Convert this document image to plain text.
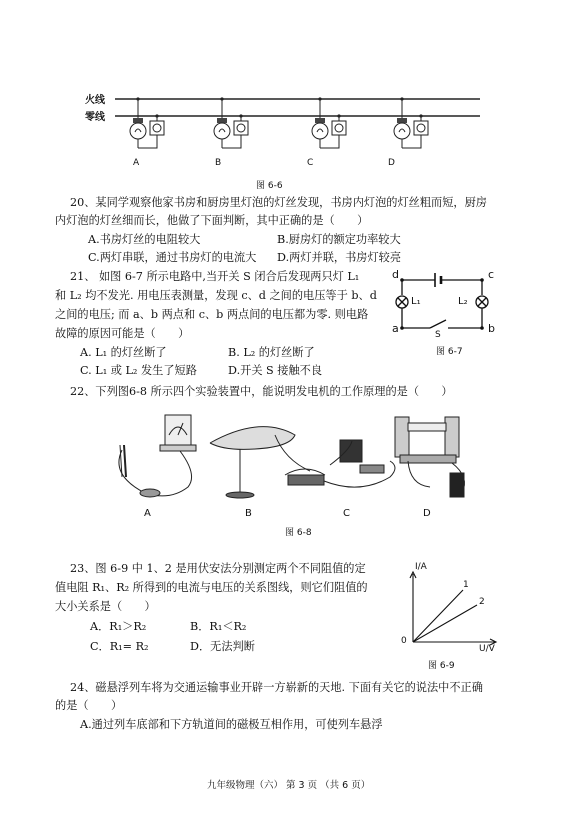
火线
零线
A	B	C	D
图 6-6
20、某同学观察他家书房和厨房里灯泡的灯丝发现，书房内灯泡的灯丝粗而短，厨房
内灯泡的灯丝细而长，他做了下面判断，其中正确的是（　　）
A.书房灯丝的电阻较大	B.厨房灯的额定功率较大
C.两灯串联，通过书房灯的电流大 D.两灯并联，书房灯较亮
21、 如图 6-7 所示电路中,当开关 S 闭合后发现两只灯 L₁
和 L₂ 均不发光. 用电压表测量，发现 c、d 之间的电压等于 b、d
之间的电压; 而 a、b 两点和 c、b 两点间的电压都为零. 则电路
故障的原因可能是（　　）
A. L₁ 的灯丝断了	B. L₂ 的灯丝断了
C. L₁ 或 L₂ 发生了短路	D.开关 S 接触不良
d	c
a	b
L₁	L₂
S
图 6-7
22、下列图6-8 所示四个实验装置中，能说明发电机的工作原理的是（　　）
A	B	C	D
图 6-8
23、图 6-9 中 1、2 是用伏安法分别测定两个不同阻值的定
值电阻 R₁、R₂ 所得到的电流与电压的关系图线，则它们阻值的
大小关系是（　　）
A．R₁＞R₂	B．R₁＜R₂
C．R₁= R₂	D．无法判断
I/A
U/V
0
1
2
图 6-9
24、磁悬浮列车将为交通运输事业开辟一方崭新的天地. 下面有关它的说法中不正确
的是（　　）
A.通过列车底部和下方轨道间的磁极互相作用，可使列车悬浮
九年级物理（六） 第 3 页 （共 6 页）
